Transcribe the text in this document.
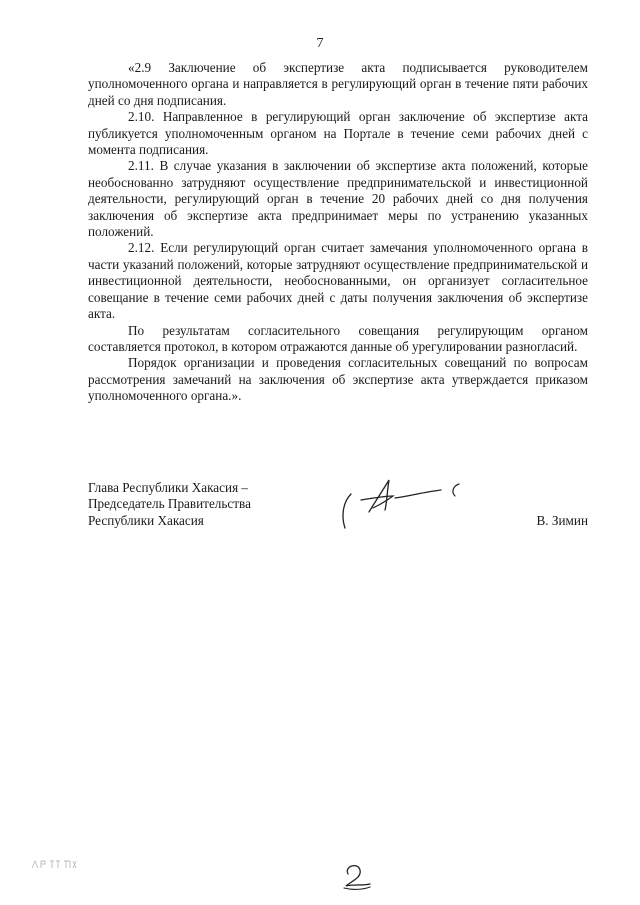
7

«2.9 Заключение об экспертизе акта подписывается руководителем уполномоченного органа и направляется в регулирующий орган в течение пяти рабочих дней со дня подписания.

2.10. Направленное в регулирующий орган заключение об экспертизе акта публикуется уполномоченным органом на Портале в течение семи рабочих дней с момента подписания.

2.11. В случае указания в заключении об экспертизе акта положений, которые необоснованно затрудняют осуществление предпринимательской и инвестиционной деятельности, регулирующий орган в течение 20 рабочих дней со дня получения заключения об экспертизе акта предпринимает меры по устранению указанных положений.

2.12. Если регулирующий орган считает замечания уполномоченного органа в части указаний положений, которые затрудняют осуществление предпринимательской и инвестиционной деятельности, необоснованными, он организует согласительное совещание в течение семи рабочих дней с даты получения заключения об экспертизе акта.

По результатам согласительного совещания регулирующим органом составляется протокол, в котором отражаются данные об урегулировании разногласий.

Порядок организации и проведения согласительных совещаний по вопросам рассмотрения замечаний на заключения об экспертизе акта утверждается приказом уполномоченного органа.».

Глава Республики Хакасия –
Председатель Правительства
Республики Хакасия	В. Зимин
